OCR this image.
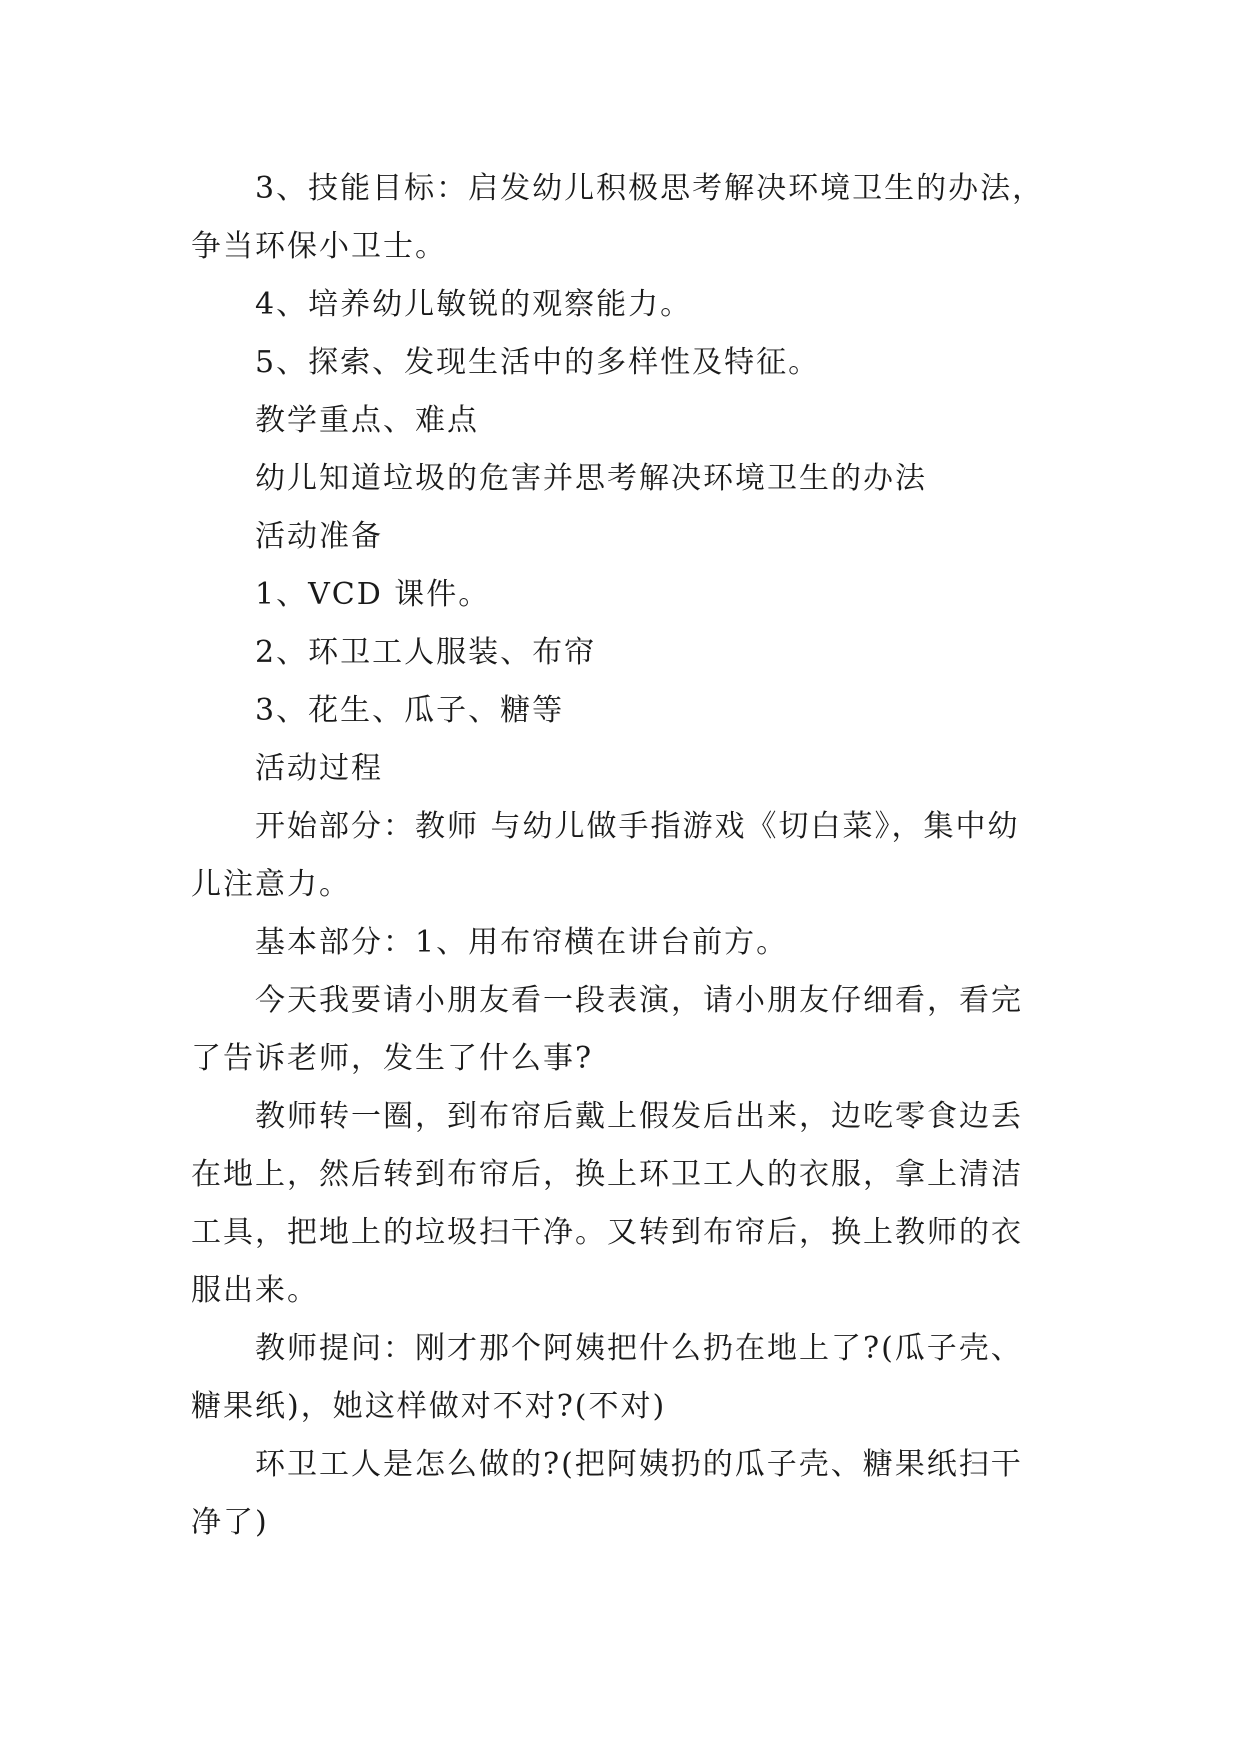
3、技能目标：启发幼儿积极思考解决环境卫生的办法，争当环保小卫士。

4、培养幼儿敏锐的观察能力。

5、探索、发现生活中的多样性及特征。

教学重点、难点

幼儿知道垃圾的危害并思考解决环境卫生的办法

活动准备

1、VCD 课件。

2、环卫工人服装、布帘

3、花生、瓜子、糖等

活动过程

开始部分：教师 与幼儿做手指游戏《切白菜》，集中幼儿注意力。

基本部分：1、用布帘横在讲台前方。

今天我要请小朋友看一段表演，请小朋友仔细看，看完了告诉老师，发生了什么事?

教师转一圈，到布帘后戴上假发后出来，边吃零食边丢在地上，然后转到布帘后，换上环卫工人的衣服，拿上清洁工具，把地上的垃圾扫干净。又转到布帘后，换上教师的衣服出来。

教师提问：刚才那个阿姨把什么扔在地上了?(瓜子壳、糖果纸)，她这样做对不对?(不对)

环卫工人是怎么做的?(把阿姨扔的瓜子壳、糖果纸扫干净了)
